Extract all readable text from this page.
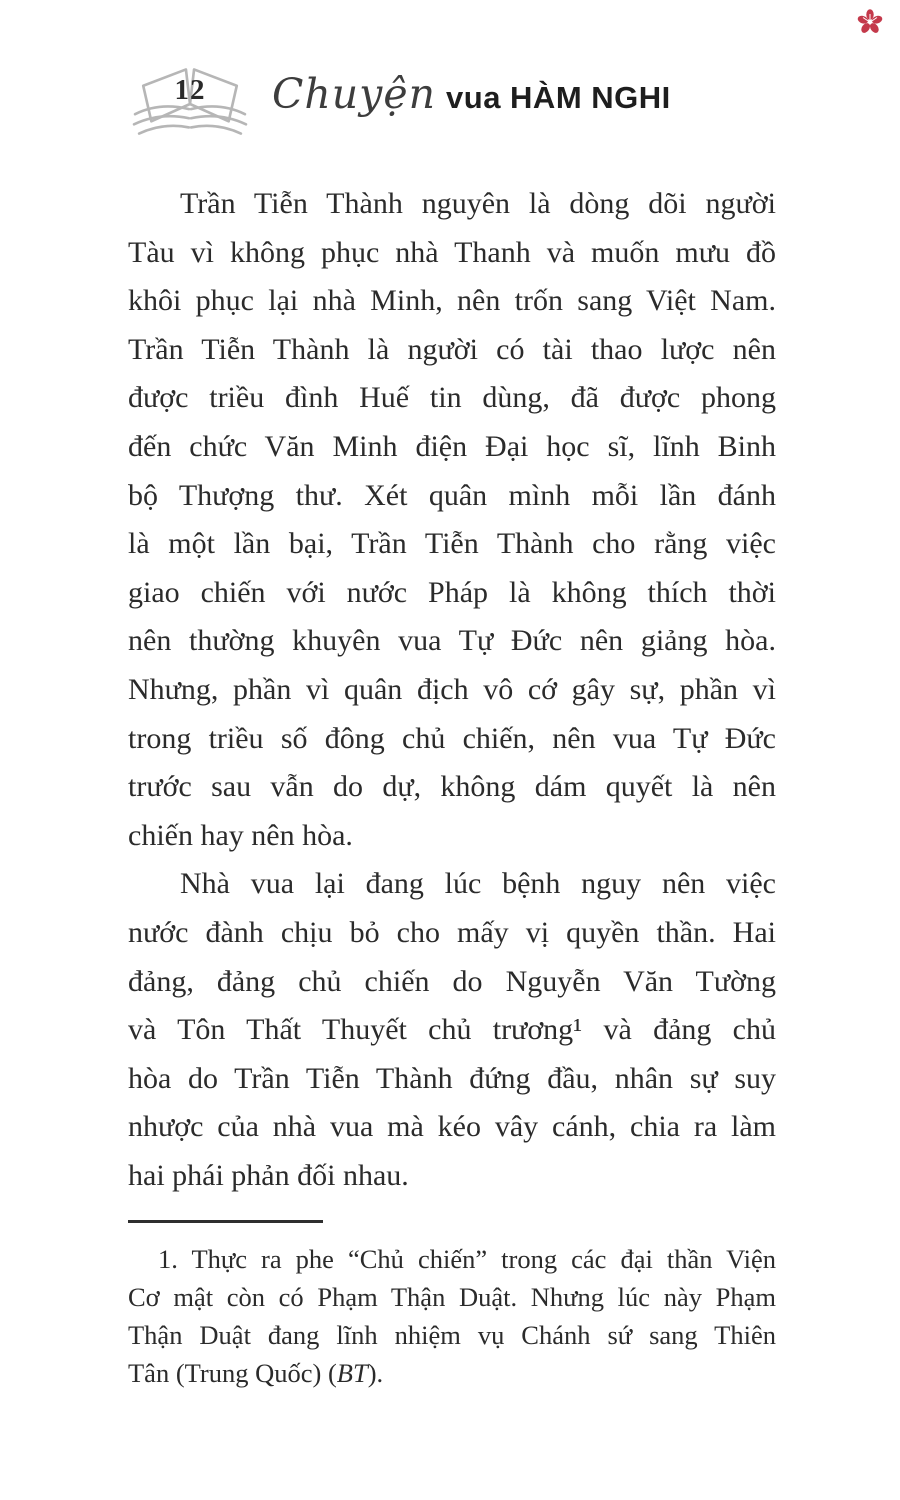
12	Chuyện vua HÀM NGHI
Trần Tiễn Thành nguyên là dòng dõi người
Tàu vì không phục nhà Thanh và muốn mưu đồ
khôi phục lại nhà Minh, nên trốn sang Việt Nam.
Trần Tiễn Thành là người có tài thao lược nên
được triều đình Huế tin dùng, đã được phong
đến chức Văn Minh điện Đại học sĩ, lĩnh Binh
bộ Thượng thư. Xét quân mình mỗi lần đánh
là một lần bại, Trần Tiễn Thành cho rằng việc
giao chiến với nước Pháp là không thích thời
nên thường khuyên vua Tự Đức nên giảng hòa.
Nhưng, phần vì quân địch vô cớ gây sự, phần vì
trong triều số đông chủ chiến, nên vua Tự Đức
trước sau vẫn do dự, không dám quyết là nên
chiến hay nên hòa.
Nhà vua lại đang lúc bệnh nguy nên việc
nước đành chịu bỏ cho mấy vị quyền thần. Hai
đảng, đảng chủ chiến do Nguyễn Văn Tường
và Tôn Thất Thuyết chủ trương¹ và đảng chủ
hòa do Trần Tiễn Thành đứng đầu, nhân sự suy
nhược của nhà vua mà kéo vây cánh, chia ra làm
hai phái phản đối nhau.
1. Thực ra phe “Chủ chiến” trong các đại thần Viện
Cơ mật còn có Phạm Thận Duật. Nhưng lúc này Phạm
Thận Duật đang lĩnh nhiệm vụ Chánh sứ sang Thiên
Tân (Trung Quốc) (BT).
